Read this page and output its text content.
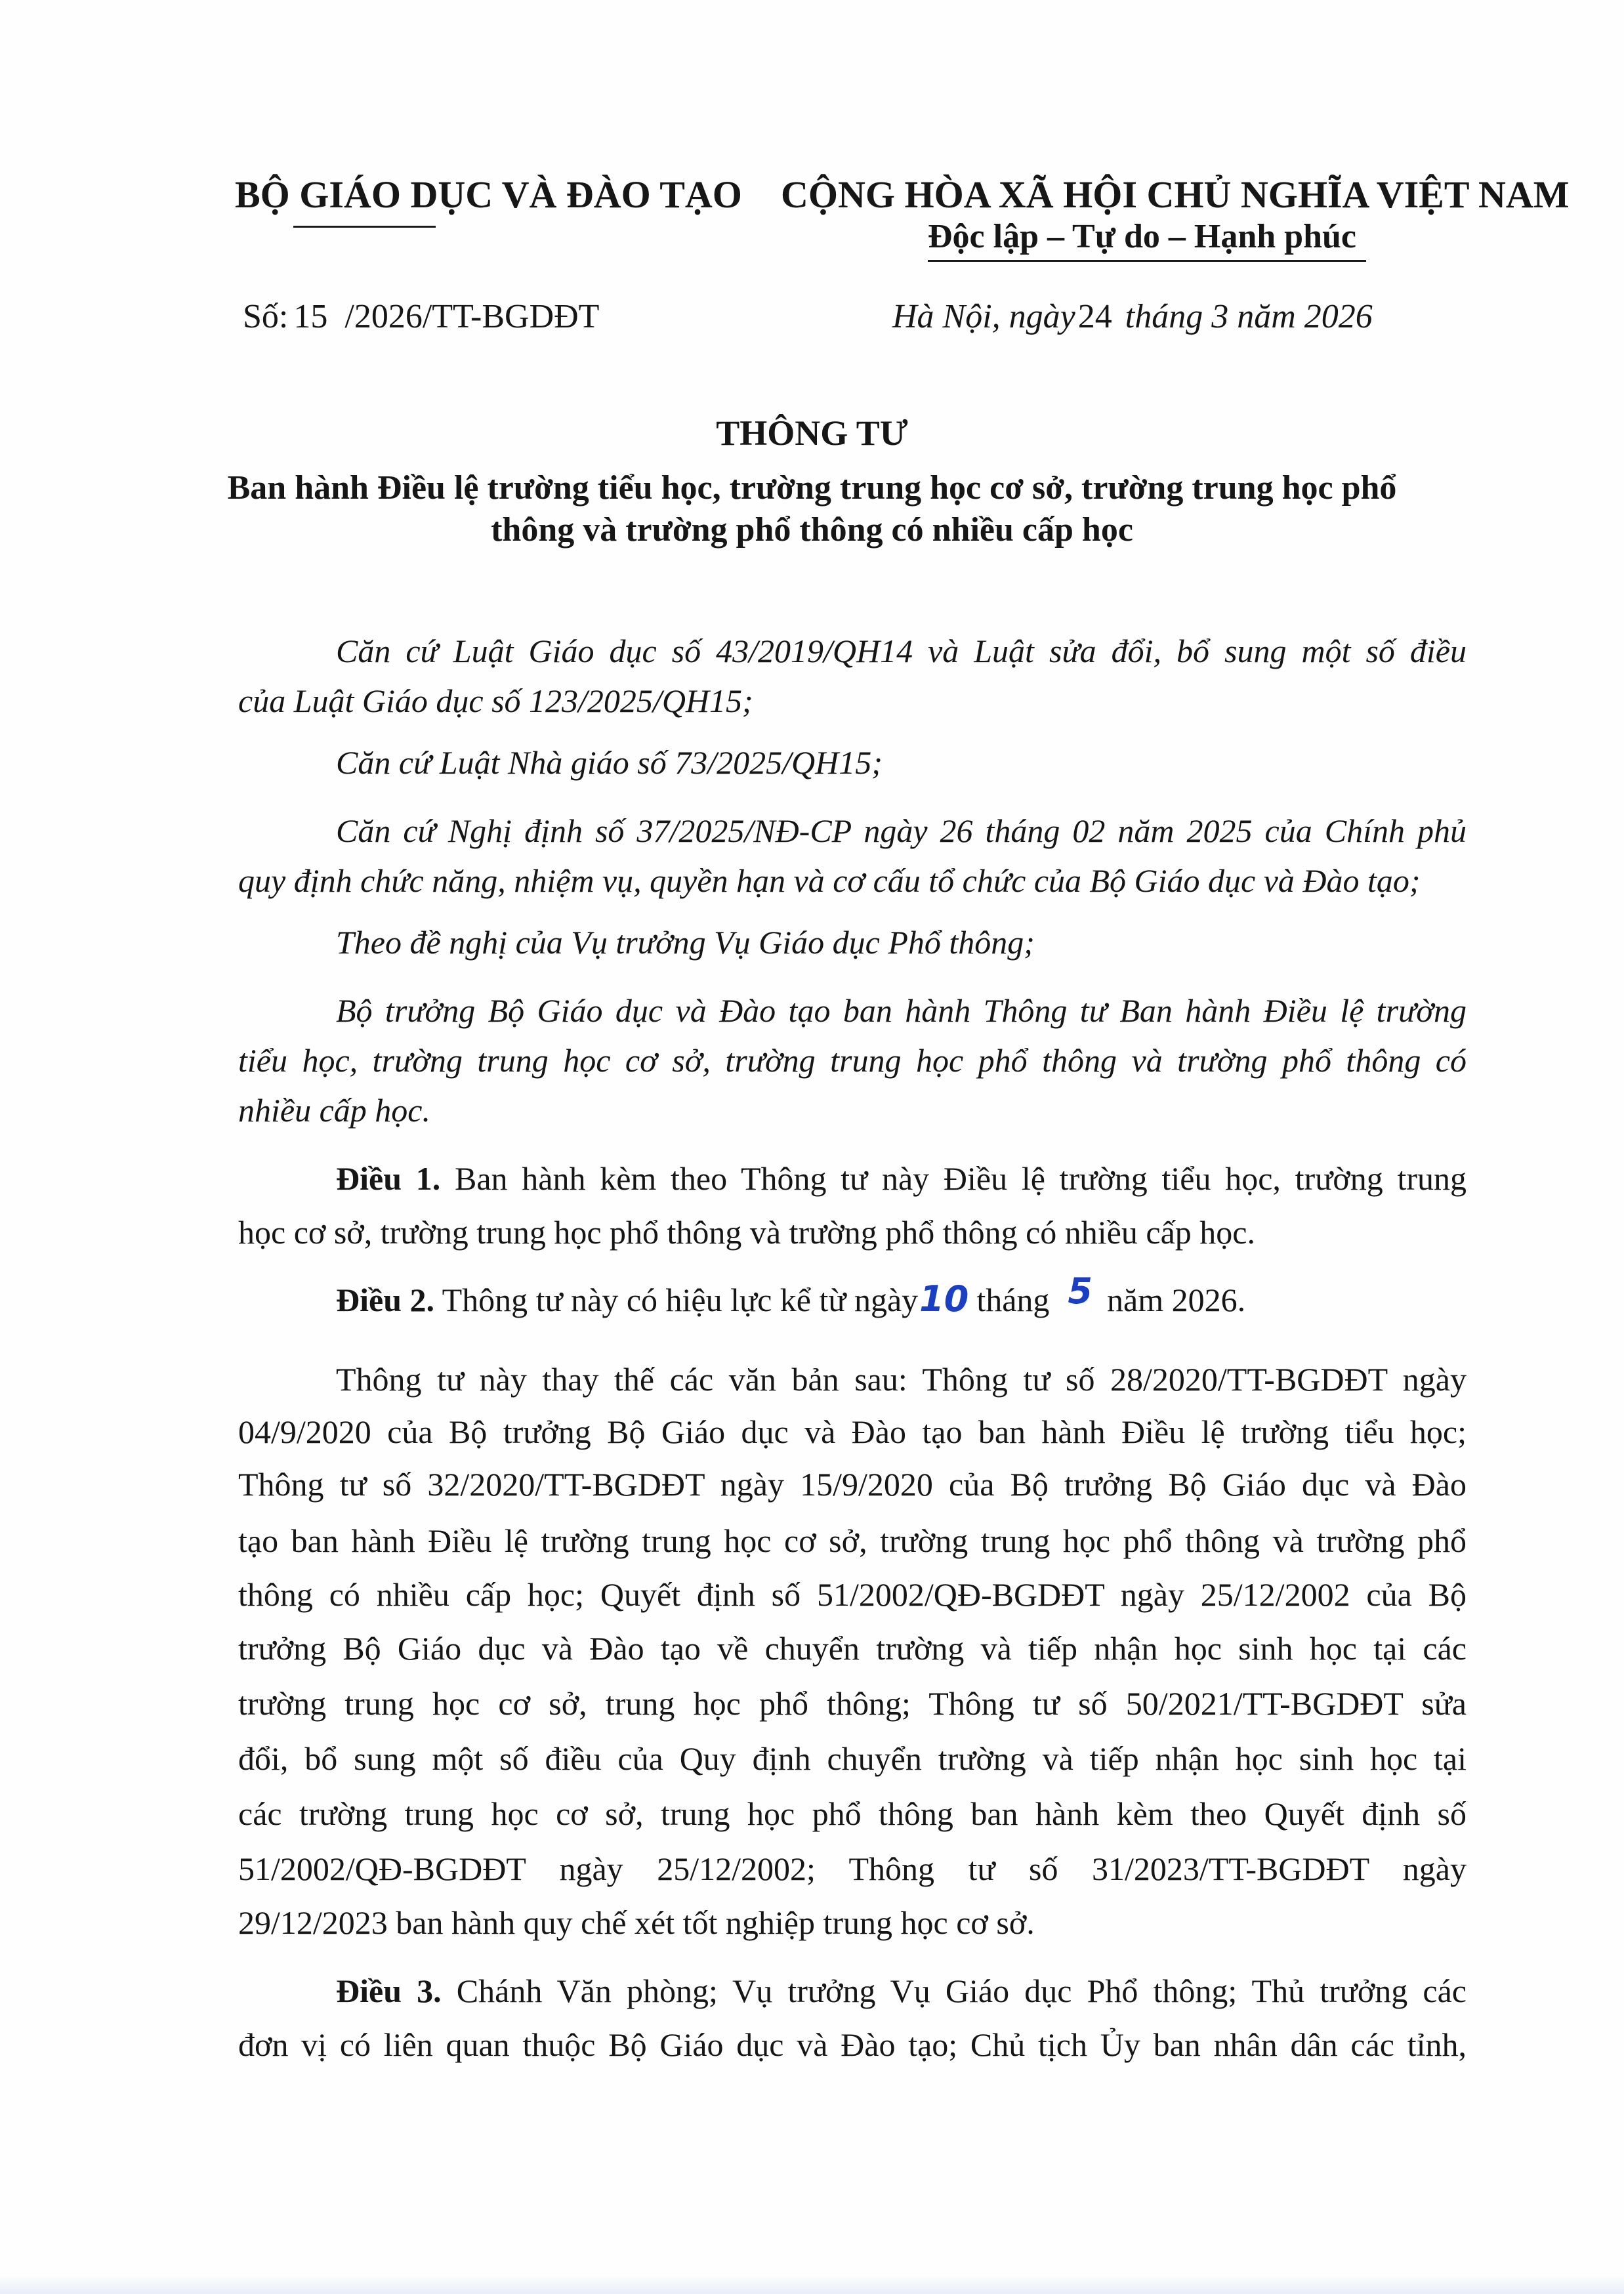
BỘ GIÁO DỤC VÀ ĐÀO TẠO
Số: 15 /2026/TT-BGDĐT
CỘNG HÒA XÃ HỘI CHỦ NGHĨA VIỆT NAM
Độc lập – Tự do – Hạnh phúc
Hà Nội, ngày24 tháng 3 năm 2026
THÔNG TƯ
Ban hành Điều lệ trường tiểu học, trường trung học cơ sở, trường trung học phổ
thông và trường phổ thông có nhiều cấp học
Căn cứ Luật Giáo dục số 43/2019/QH14 và Luật sửa đổi, bổ sung một số điều
của Luật Giáo dục số 123/2025/QH15;
Căn cứ Luật Nhà giáo số 73/2025/QH15;
Căn cứ Nghị định số 37/2025/NĐ-CP ngày 26 tháng 02 năm 2025 của Chính phủ
quy định chức năng, nhiệm vụ, quyền hạn và cơ cấu tổ chức của Bộ Giáo dục và Đào tạo;
Theo đề nghị của Vụ trưởng Vụ Giáo dục Phổ thông;
Bộ trưởng Bộ Giáo dục và Đào tạo ban hành Thông tư Ban hành Điều lệ trường
tiểu học, trường trung học cơ sở, trường trung học phổ thông và trường phổ thông có
nhiều cấp học.
Điều 1. Ban hành kèm theo Thông tư này Điều lệ trường tiểu học, trường trung
học cơ sở, trường trung học phổ thông và trường phổ thông có nhiều cấp học.
Điều 2. Thông tư này có hiệu lực kể từ ngày10 tháng 5 năm 2026.
Thông tư này thay thế các văn bản sau: Thông tư số 28/2020/TT-BGDĐT ngày
04/9/2020 của Bộ trưởng Bộ Giáo dục và Đào tạo ban hành Điều lệ trường tiểu học;
Thông tư số 32/2020/TT-BGDĐT ngày 15/9/2020 của Bộ trưởng Bộ Giáo dục và Đào
tạo ban hành Điều lệ trường trung học cơ sở, trường trung học phổ thông và trường phổ
thông có nhiều cấp học; Quyết định số 51/2002/QĐ-BGDĐT ngày 25/12/2002 của Bộ
trưởng Bộ Giáo dục và Đào tạo về chuyển trường và tiếp nhận học sinh học tại các
trường trung học cơ sở, trung học phổ thông; Thông tư số 50/2021/TT-BGDĐT sửa
đổi, bổ sung một số điều của Quy định chuyển trường và tiếp nhận học sinh học tại
các trường trung học cơ sở, trung học phổ thông ban hành kèm theo Quyết định số
51/2002/QĐ-BGDĐT ngày 25/12/2002; Thông tư số 31/2023/TT-BGDĐT ngày
29/12/2023 ban hành quy chế xét tốt nghiệp trung học cơ sở.
Điều 3. Chánh Văn phòng; Vụ trưởng Vụ Giáo dục Phổ thông; Thủ trưởng các
đơn vị có liên quan thuộc Bộ Giáo dục và Đào tạo; Chủ tịch Ủy ban nhân dân các tỉnh,
